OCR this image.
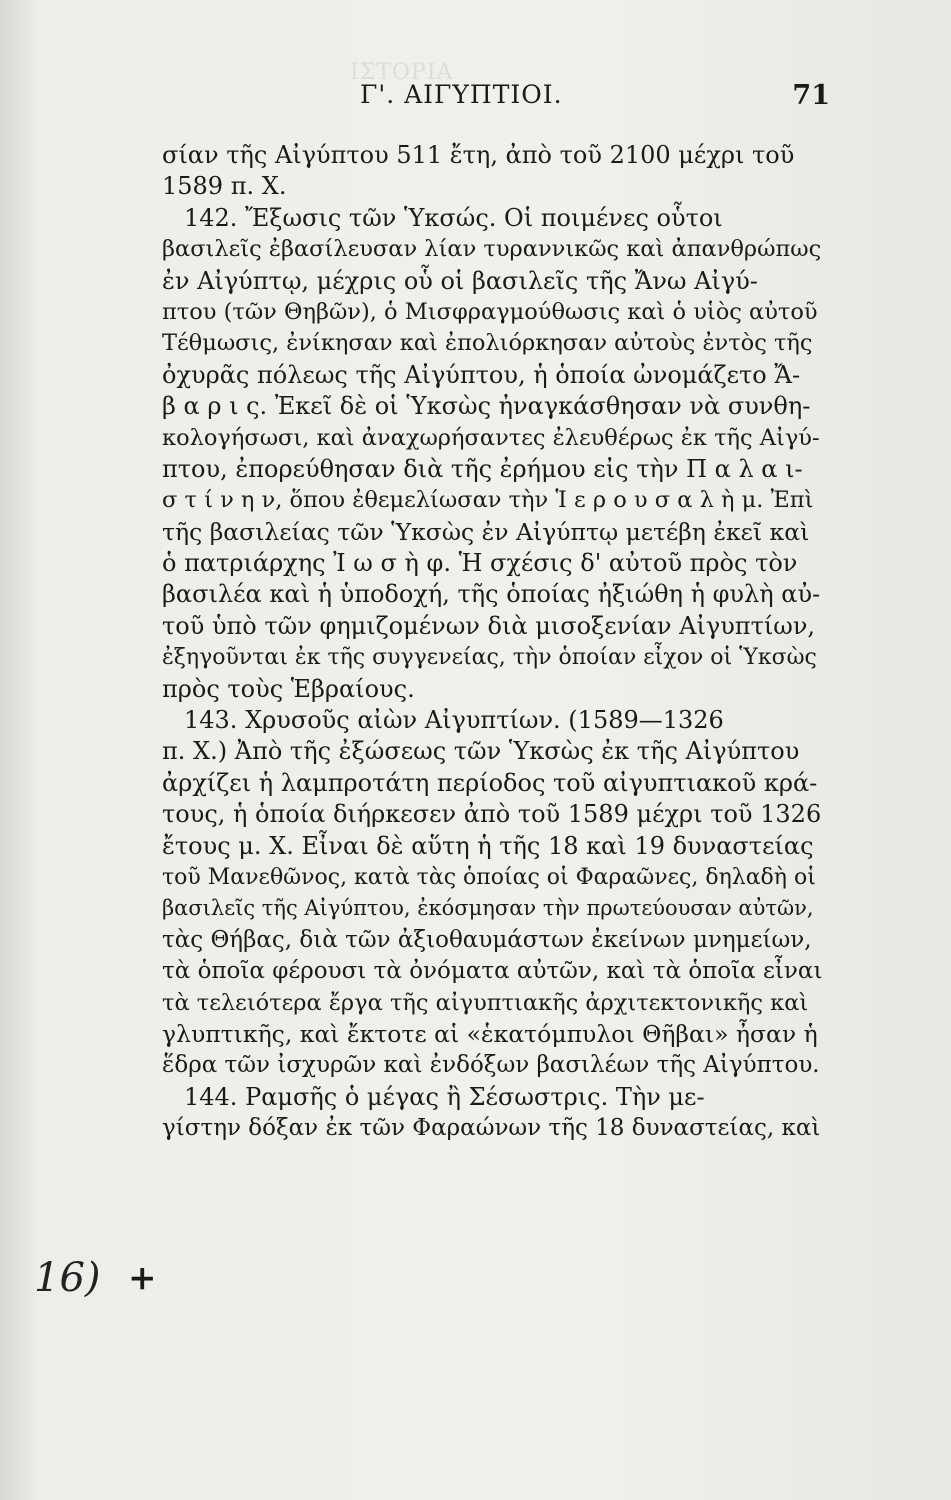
ΙΣΤΟΡΙΑ
Γ'. ΑΙΓΥΠΤΙΟΙ.	71
σίαν τῆς Αἰγύπτου 511 ἔτη, ἀπὸ τοῦ 2100 μέχρι τοῦ
1589 π. Χ.
142. Ἔξωσις τῶν Ὑκσώς. Οἱ ποιμένες οὗτοι
βασιλεῖς ἐβασίλευσαν λίαν τυραννικῶς καὶ ἀπανθρώπως
ἐν Αἰγύπτῳ, μέχρις οὗ οἱ βασιλεῖς τῆς Ἄνω Αἰγύ-
πτου (τῶν Θηβῶν), ὁ Μισφραγμούθωσις καὶ ὁ υἱὸς αὐτοῦ
Τέθμωσις, ἐνίκησαν καὶ ἐπολιόρκησαν αὐτοὺς ἐντὸς τῆς
ὀχυρᾶς πόλεως τῆς Αἰγύπτου, ἡ ὁποία ὠνομάζετο Ἄ-
β α ρ ι ς. Ἐκεῖ δὲ οἱ Ὑκσὼς ἠναγκάσθησαν νὰ συνθη-
κολογήσωσι, καὶ ἀναχωρήσαντες ἐλευθέρως ἐκ τῆς Αἰγύ-
πτου, ἐπορεύθησαν διὰ τῆς ἐρήμου εἰς τὴν Π α λ α ι-
σ τ ί ν η ν, ὅπου ἐθεμελίωσαν τὴν Ἱ ε ρ ο υ σ α λ ὴ μ. Ἐπὶ
τῆς βασιλείας τῶν Ὑκσὼς ἐν Αἰγύπτῳ μετέβη ἐκεῖ καὶ
ὁ πατριάρχης Ἰ ω σ ὴ φ. Ἡ σχέσις δ' αὐτοῦ πρὸς τὸν
βασιλέα καὶ ἡ ὑποδοχή, τῆς ὁποίας ἠξιώθη ἡ φυλὴ αὐ-
τοῦ ὑπὸ τῶν φημιζομένων διὰ μισοξενίαν Αἰγυπτίων,
ἐξηγοῦνται ἐκ τῆς συγγενείας, τὴν ὁποίαν εἶχον οἱ Ὑκσὼς
πρὸς τοὺς Ἑβραίους.
143. Χρυσοῦς αἰὼν Αἰγυπτίων. (1589—1326
π. Χ.) Ἀπὸ τῆς ἐξώσεως τῶν Ὑκσὼς ἐκ τῆς Αἰγύπτου
ἀρχίζει ἡ λαμπροτάτη περίοδος τοῦ αἰγυπτιακοῦ κρά-
τους, ἡ ὁποία διήρκεσεν ἀπὸ τοῦ 1589 μέχρι τοῦ 1326
ἔτους μ. Χ. Εἶναι δὲ αὕτη ἡ τῆς 18 καὶ 19 δυναστείας
τοῦ Μανεθῶνος, κατὰ τὰς ὁποίας οἱ Φαραῶνες, δηλαδὴ οἱ
βασιλεῖς τῆς Αἰγύπτου, ἐκόσμησαν τὴν πρωτεύουσαν αὐτῶν,
τὰς Θήβας, διὰ τῶν ἀξιοθαυμάστων ἐκείνων μνημείων,
τὰ ὁποῖα φέρουσι τὰ ὀνόματα αὐτῶν, καὶ τὰ ὁποῖα εἶναι
τὰ τελειότερα ἔργα τῆς αἰγυπτιακῆς ἀρχιτεκτονικῆς καὶ
γλυπτικῆς, καὶ ἔκτοτε αἱ «ἑκατόμπυλοι Θῆβαι» ἦσαν ἡ
ἕδρα τῶν ἰσχυρῶν καὶ ἐνδόξων βασιλέων τῆς Αἰγύπτου.
144. Ραμσῆς ὁ μέγας ἢ Σέσωστρις. Τὴν με-
γίστην δόξαν ἐκ τῶν Φαραώνων τῆς 18 δυναστείας, καὶ
16) +
